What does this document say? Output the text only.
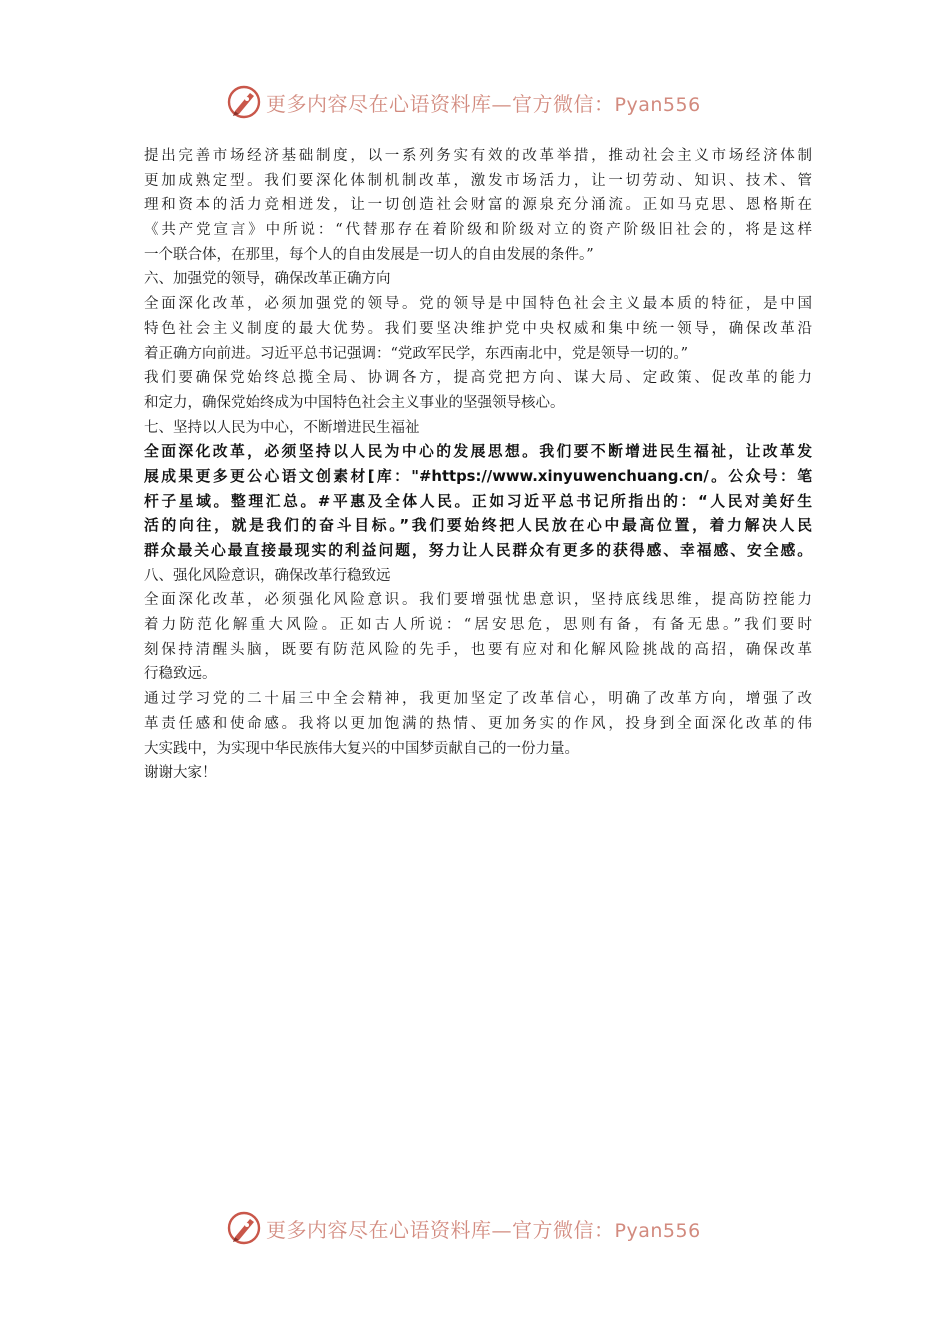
更多内容尽在心语资料库—官方微信：Pyan556
提出完善市场经济基础制度，以一系列务实有效的改革举措，推动社会主义市场经济体制
更加成熟定型。我们要深化体制机制改革，激发市场活力，让一切劳动、知识、技术、管
理和资本的活力竞相迸发，让一切创造社会财富的源泉充分涌流。正如马克思、恩格斯在
《共产党宣言》中所说：“代替那存在着阶级和阶级对立的资产阶级旧社会的，将是这样
一个联合体，在那里，每个人的自由发展是一切人的自由发展的条件。”
六、加强党的领导，确保改革正确方向
全面深化改革，必须加强党的领导。党的领导是中国特色社会主义最本质的特征，是中国
特色社会主义制度的最大优势。我们要坚决维护党中央权威和集中统一领导，确保改革沿
着正确方向前进。习近平总书记强调：“党政军民学，东西南北中，党是领导一切的。”
我们要确保党始终总揽全局、协调各方，提高党把方向、谋大局、定政策、促改革的能力
和定力，确保党始终成为中国特色社会主义事业的坚强领导核心。
七、坚持以人民为中心，不断增进民生福祉
全面深化改革，必须坚持以人民为中心的发展思想。我们要不断增进民生福祉，让改革发
展成果更多更公心语文创素材[库："#https://www.xinyuwenchuang.cn/。公众号：笔
杆子星域。整理汇总。#平惠及全体人民。正如习近平总书记所指出的：“人民对美好生
活的向往，就是我们的奋斗目标。”我们要始终把人民放在心中最高位置，着力解决人民
群众最关心最直接最现实的利益问题，努力让人民群众有更多的获得感、幸福感、安全感。
八、强化风险意识，确保改革行稳致远
全面深化改革，必须强化风险意识。我们要增强忧患意识，坚持底线思维，提高防控能力
着力防范化解重大风险。正如古人所说：“居安思危，思则有备，有备无患。”我们要时
刻保持清醒头脑，既要有防范风险的先手，也要有应对和化解风险挑战的高招，确保改革
行稳致远。
通过学习党的二十届三中全会精神，我更加坚定了改革信心，明确了改革方向，增强了改
革责任感和使命感。我将以更加饱满的热情、更加务实的作风，投身到全面深化改革的伟
大实践中，为实现中华民族伟大复兴的中国梦贡献自己的一份力量。
谢谢大家！
更多内容尽在心语资料库—官方微信：Pyan556
